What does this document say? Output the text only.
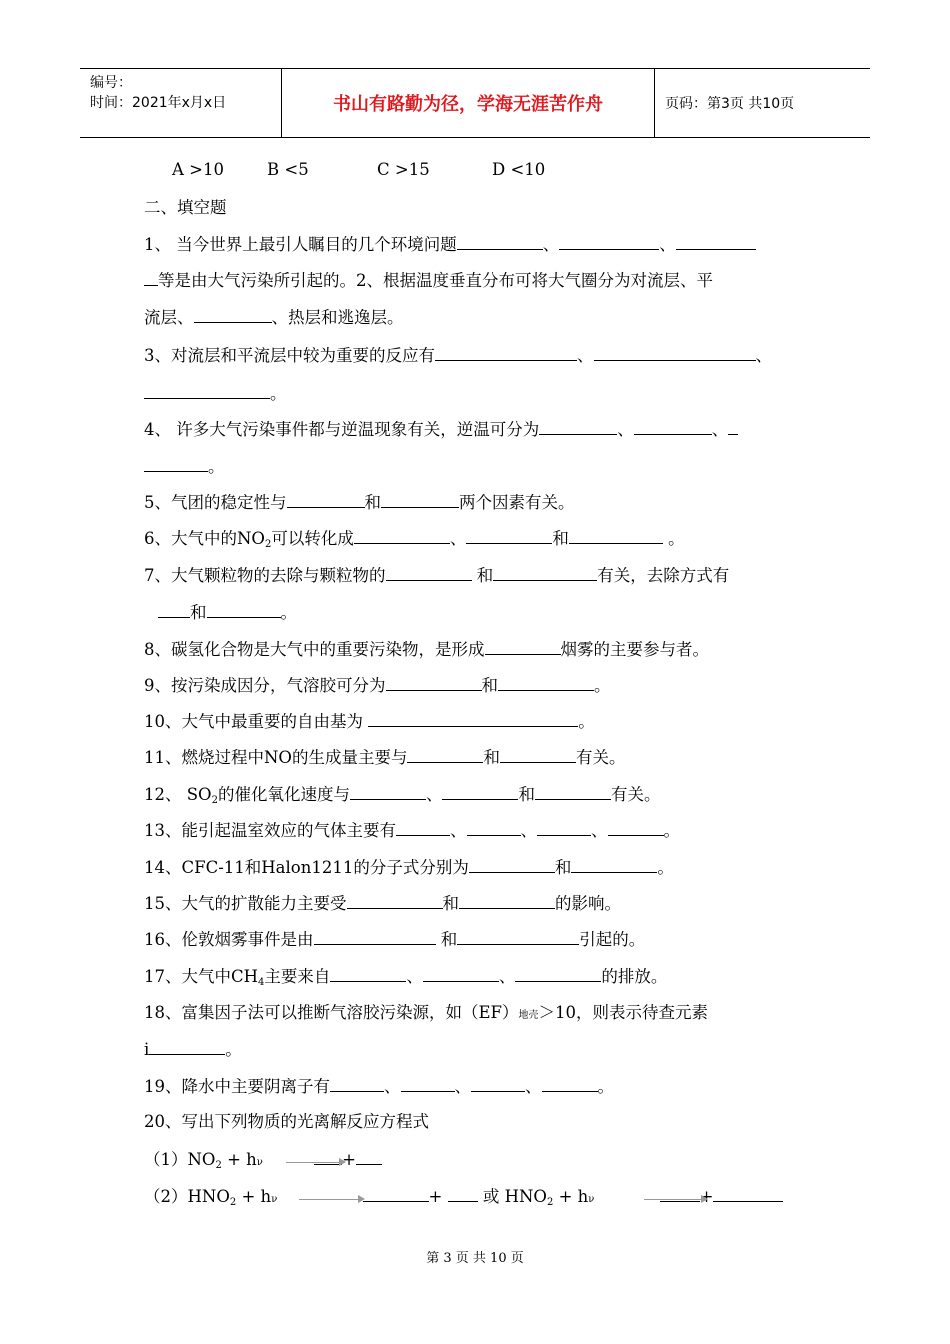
编号：
时间：2021年x月x日	书山有路勤为径，学海无涯苦作舟	页码：第3页 共10页
A >10	B <5	C >15	D <10
二、填空题
1、 当今世界上最引人瞩目的几个环境问题	、	、
等是由大气污染所引起的。2、根据温度垂直分布可将大气圈分为对流层、平
流层、	、热层和逃逸层。
3、对流层和平流层中较为重要的反应有	、	、
。
4、 许多大气污染事件都与逆温现象有关，逆温可分为	、	、
。
5、气团的稳定性与	和	两个因素有关。
6、大气中的$NO_2$可以转化成	、	和	。
7、大气颗粒物的去除与颗粒物的	和	有关，去除方式有
和	。
8、碳氢化合物是大气中的重要污染物，是形成	烟雾的主要参与者。
9、按污染成因分，气溶胶可分为	和	。
10、大气中最重要的自由基为	。
11、燃烧过程中NO的生成量主要与	和	有关。
12、 $SO_2$的催化氧化速度与	、	和	有关。
13、能引起温室效应的气体主要有	、	、	、	。
14、CFC-11和Halon1211的分子式分别为	和	。
15、大气的扩散能力主要受	和	的影响。
16、伦敦烟雾事件是由	和	引起的。
17、大气中$CH_4$主要来自	、	、	的排放。
18、富集因子法可以推断气溶胶污染源，如（EF）地壳＞10，则表示待查元素
i	。
19、降水中主要阴离子有	、	、	、	。
20、写出下列物质的光离解反应方程式
$(1)NO_2 + h\nu$	+
$(2)HNO_2 + h\nu$	+  或 $HNO_2 + h\nu$	+
第 3 页 共 10 页
